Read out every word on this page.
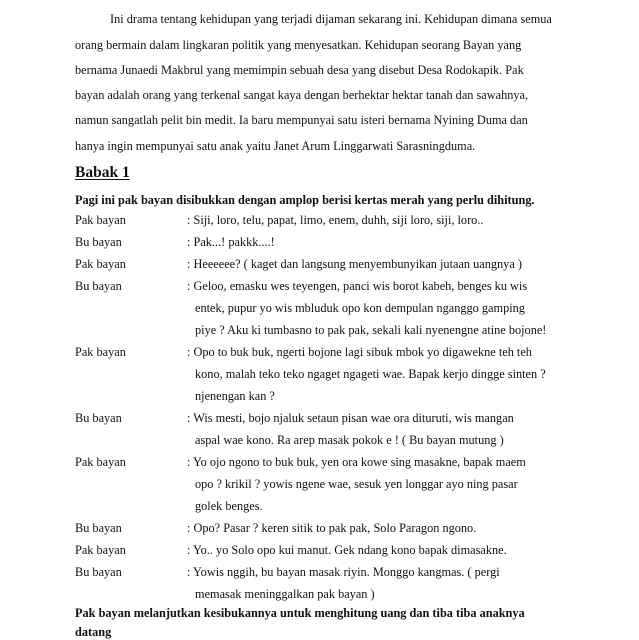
Ini drama tentang kehidupan yang terjadi dijaman sekarang ini. Kehidupan dimana semua
orang bermain dalam lingkaran politik yang menyesatkan. Kehidupan seorang Bayan yang
bernama Junaedi Makbrul yang memimpin sebuah desa yang disebut Desa Rodokapik. Pak
bayan adalah orang yang terkenal sangat kaya dengan berhektar hektar tanah dan sawahnya,
namun sangatlah pelit bin medit. Ia baru mempunyai satu isteri bernama Nyining Duma dan
hanya ingin mempunyai satu anak yaitu Janet Arum Linggarwati Sarasningduma.
Babak 1
Pagi ini pak bayan disibukkan dengan amplop berisi kertas merah yang perlu dihitung.
Pak bayan	: Siji, loro, telu, papat, limo, enem, duhh, siji loro, siji, loro..
Bu bayan	: Pak...! pakkk....!
Pak bayan	: Heeeeee? ( kaget dan langsung menyembunyikan jutaan uangnya )
Bu bayan	: Geloo, emasku wes teyengen, panci wis borot kabeh, benges ku wis
entek, pupur yo wis mbluduk opo kon dempulan nganggo gamping
piye ? Aku ki tumbasno to pak pak, sekali kali nyenengne atine bojone!
Pak bayan	: Opo to buk buk, ngerti bojone lagi sibuk mbok yo digawekne teh teh
kono, malah teko teko ngaget ngageti wae. Bapak kerjo dingge sinten ?
njenengan kan ?
Bu bayan	: Wis mesti, bojo njaluk setaun pisan wae ora dituruti, wis mangan
aspal wae kono. Ra arep masak pokok e ! ( Bu bayan mutung )
Pak bayan	: Yo ojo ngono to buk buk, yen ora kowe sing masakne, bapak maem
opo ? krikil ? yowis ngene wae, sesuk yen longgar ayo ning pasar
golek benges.
Bu bayan	: Opo? Pasar ? keren sitik to pak pak, Solo Paragon ngono.
Pak bayan	: Yo.. yo Solo opo kui manut. Gek ndang kono bapak dimasakne.
Bu bayan	: Yowis nggih, bu bayan masak riyin. Monggo kangmas. ( pergi
memasak meninggalkan pak bayan )
Pak bayan melanjutkan kesibukannya untuk menghitung uang dan tiba tiba anaknya
datang
